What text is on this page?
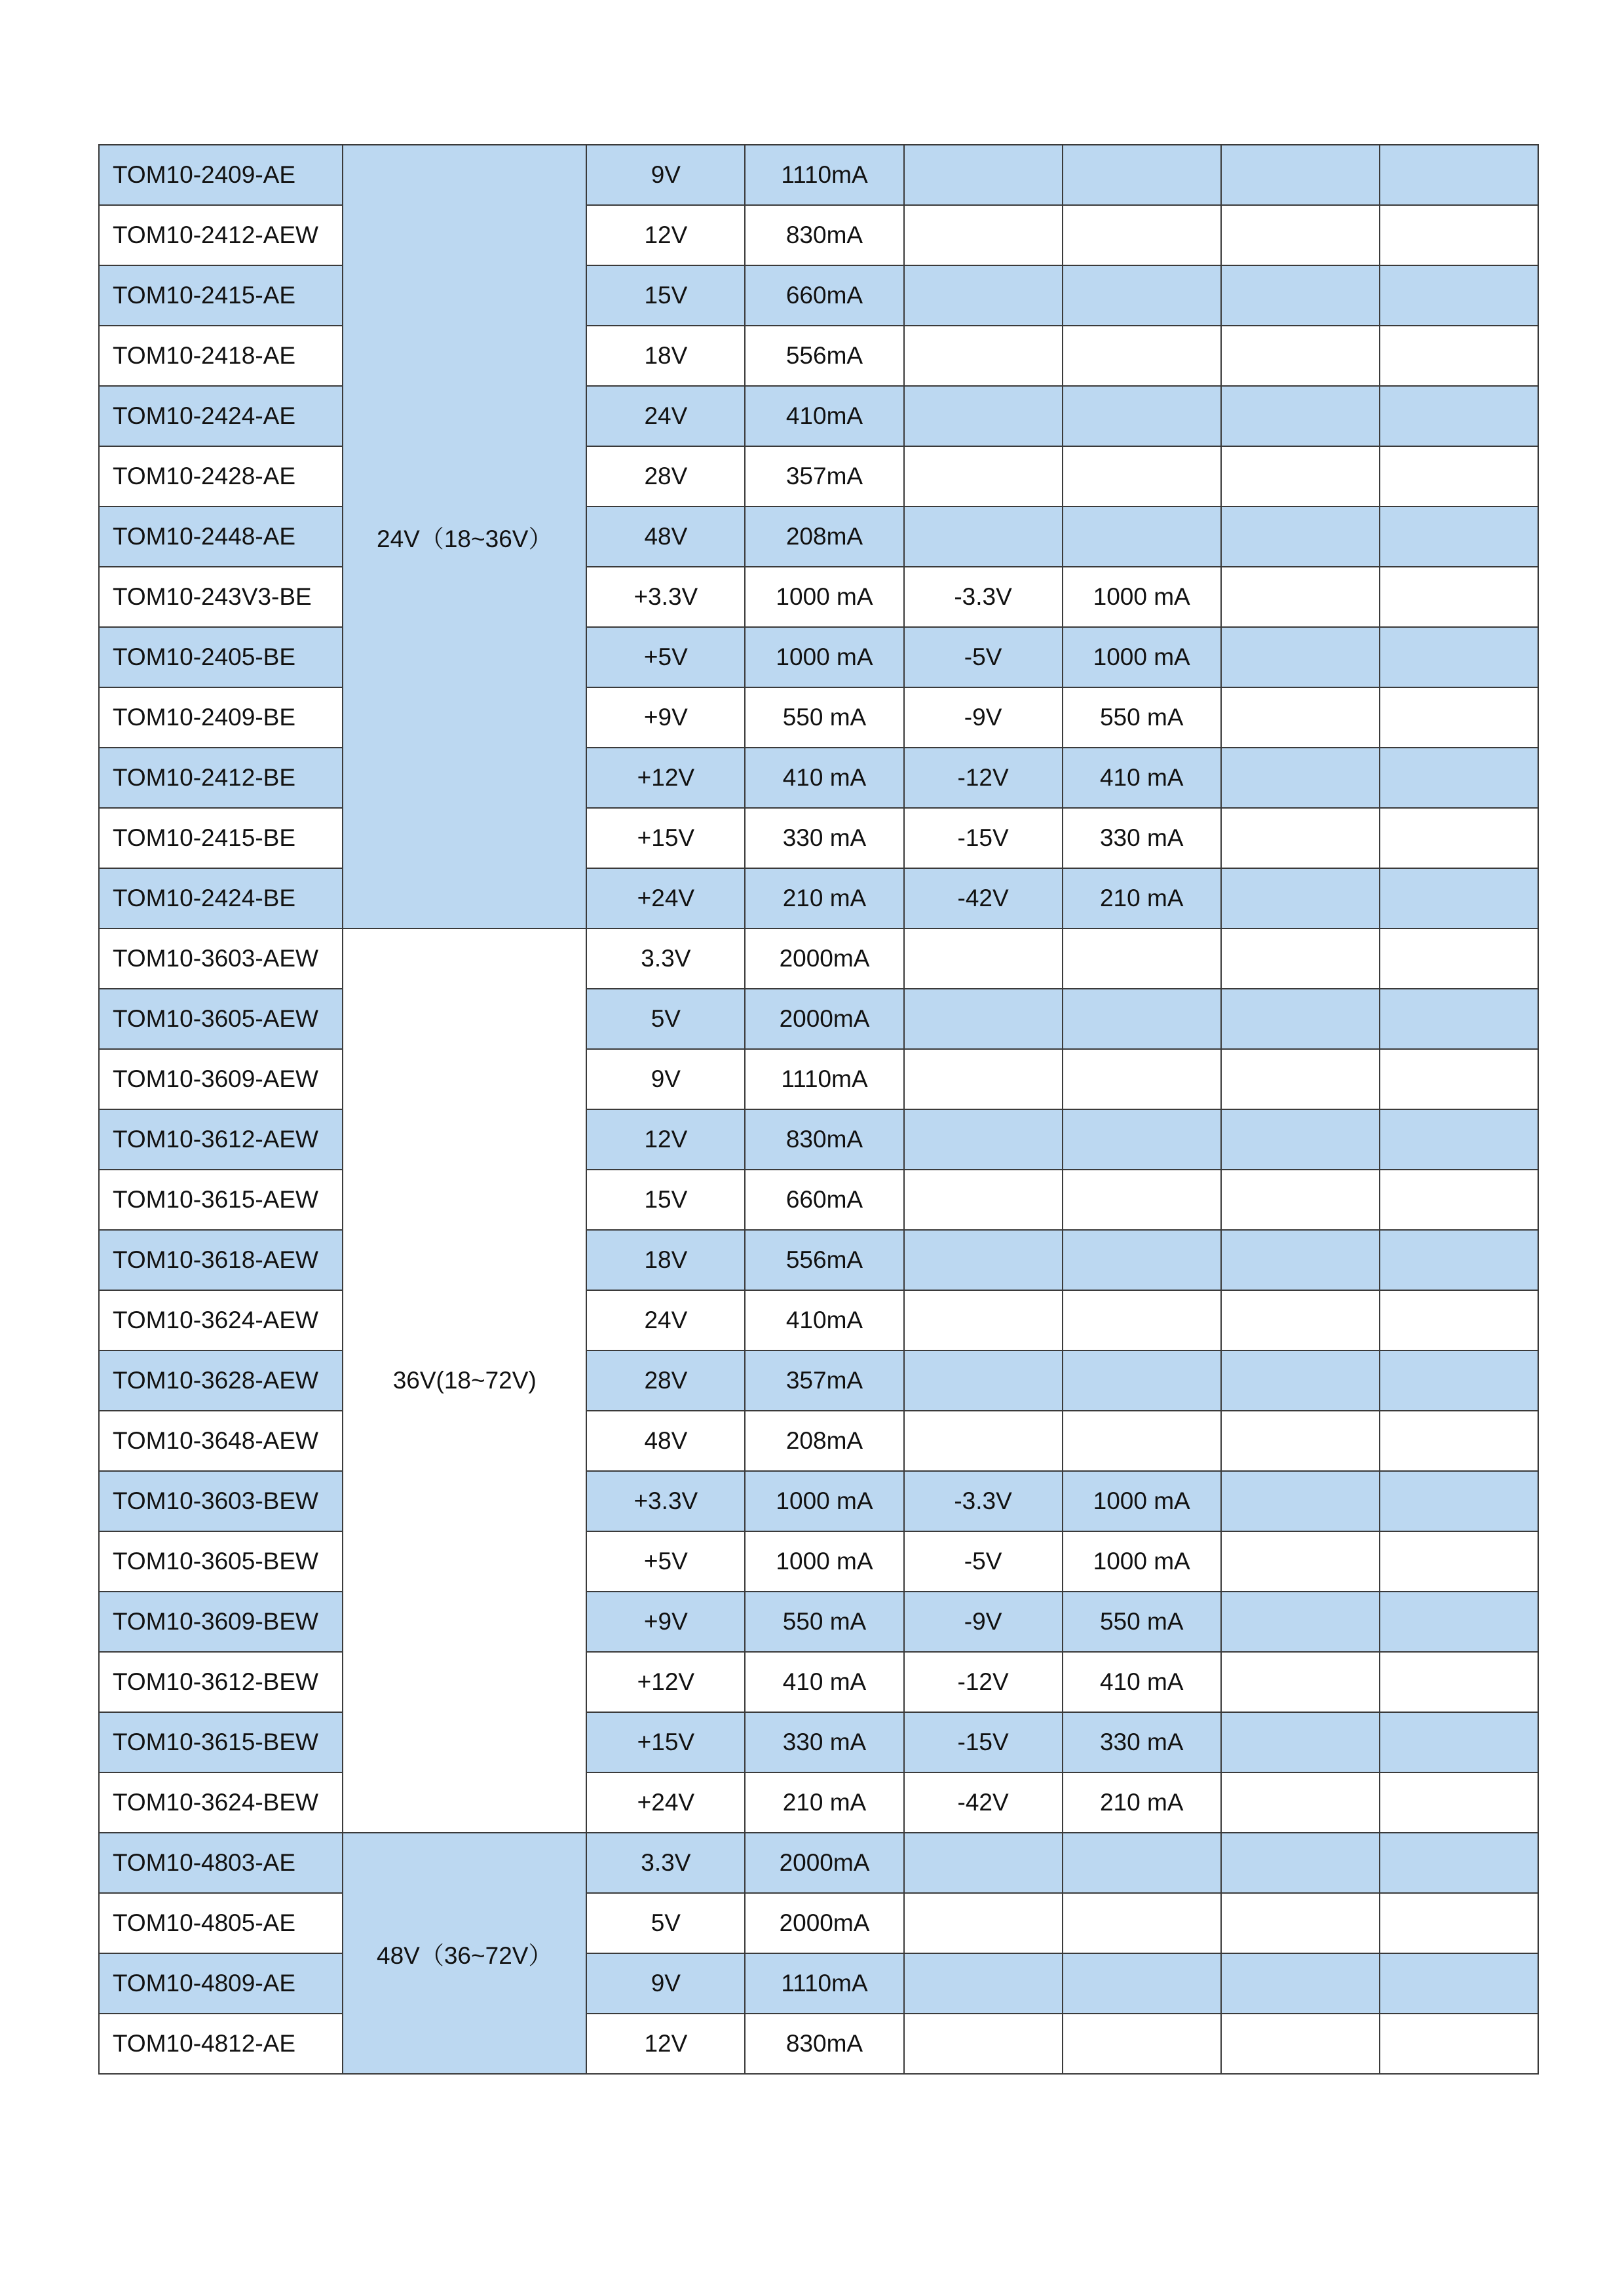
TOM10-2409-AE	24V（18~36V）	9V	1110mA				
TOM10-2412-AEW		12V	830mA				
TOM10-2415-AE		15V	660mA				
TOM10-2418-AE		18V	556mA				
TOM10-2424-AE		24V	410mA				
TOM10-2428-AE		28V	357mA				
TOM10-2448-AE		48V	208mA				
TOM10-243V3-BE		+3.3V	1000 mA	-3.3V	1000 mA		
TOM10-2405-BE		+5V	1000 mA	-5V	1000 mA		
TOM10-2409-BE		+9V	550 mA	-9V	550 mA		
TOM10-2412-BE		+12V	410 mA	-12V	410 mA		
TOM10-2415-BE		+15V	330 mA	-15V	330 mA		
TOM10-2424-BE		+24V	210 mA	-42V	210 mA		
TOM10-3603-AEW	36V(18~72V)	3.3V	2000mA				
TOM10-3605-AEW		5V	2000mA				
TOM10-3609-AEW		9V	1110mA				
TOM10-3612-AEW		12V	830mA				
TOM10-3615-AEW		15V	660mA				
TOM10-3618-AEW		18V	556mA				
TOM10-3624-AEW		24V	410mA				
TOM10-3628-AEW		28V	357mA				
TOM10-3648-AEW		48V	208mA				
TOM10-3603-BEW		+3.3V	1000 mA	-3.3V	1000 mA		
TOM10-3605-BEW		+5V	1000 mA	-5V	1000 mA		
TOM10-3609-BEW		+9V	550 mA	-9V	550 mA		
TOM10-3612-BEW		+12V	410 mA	-12V	410 mA		
TOM10-3615-BEW		+15V	330 mA	-15V	330 mA		
TOM10-3624-BEW		+24V	210 mA	-42V	210 mA		
TOM10-4803-AE	48V（36~72V）	3.3V	2000mA				
TOM10-4805-AE		5V	2000mA				
TOM10-4809-AE		9V	1110mA				
TOM10-4812-AE		12V	830mA				
